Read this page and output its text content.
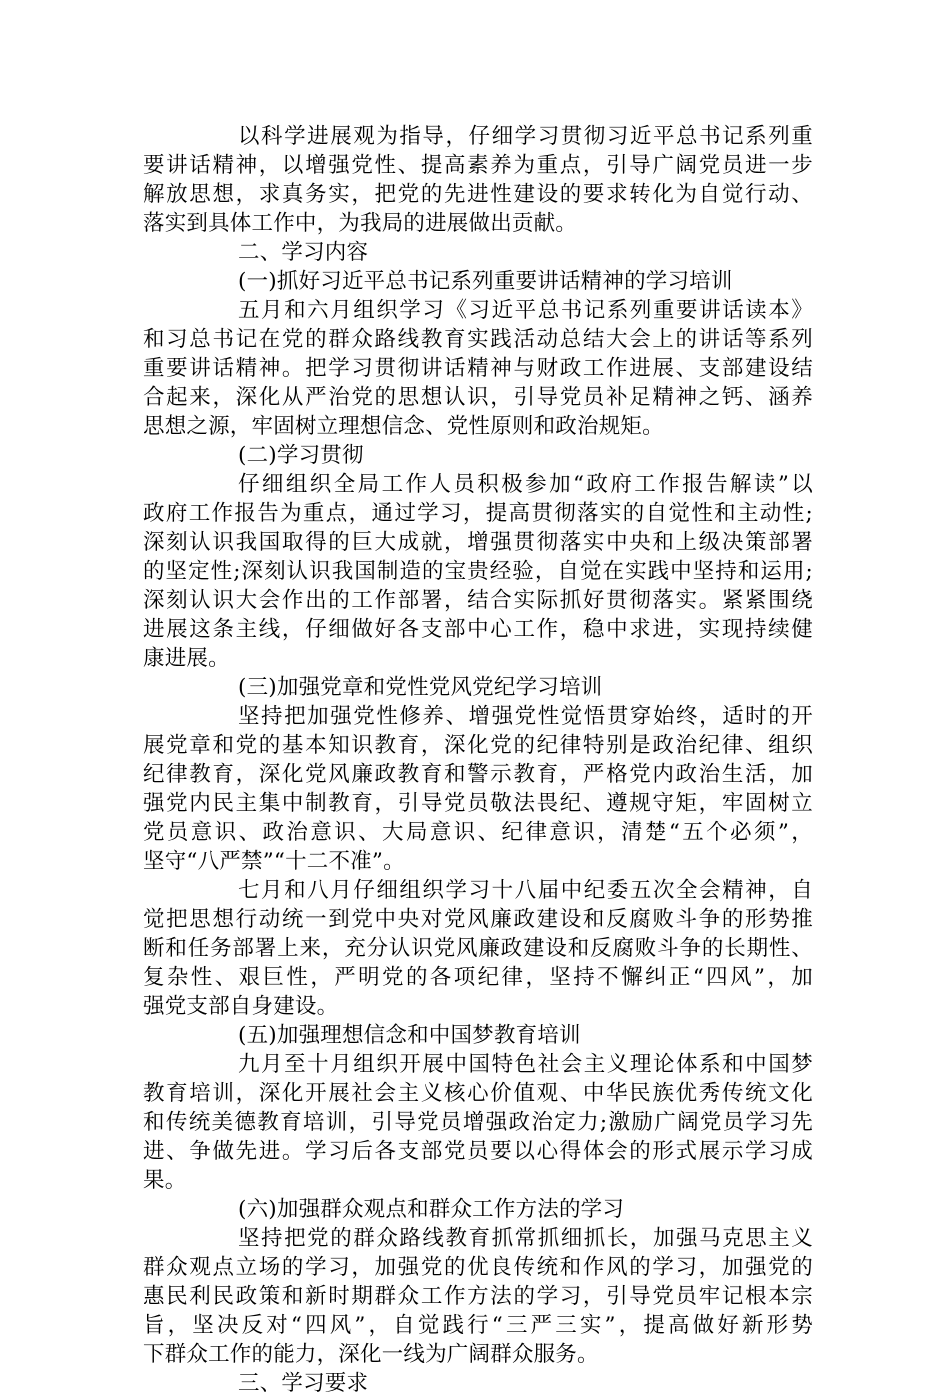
以科学进展观为指导，仔细学习贯彻习近平总书记系列重
要讲话精神，以增强党性、提高素养为重点，引导广阔党员进一步
解放思想，求真务实，把党的先进性建设的要求转化为自觉行动、
落实到具体工作中，为我局的进展做出贡献。
二、学习内容
(一)抓好习近平总书记系列重要讲话精神的学习培训
五月和六月组织学习《习近平总书记系列重要讲话读本》
和习总书记在党的群众路线教育实践活动总结大会上的讲话等系列
重要讲话精神。把学习贯彻讲话精神与财政工作进展、支部建设结
合起来，深化从严治党的思想认识，引导党员补足精神之钙、涵养
思想之源，牢固树立理想信念、党性原则和政治规矩。
(二)学习贯彻
仔细组织全局工作人员积极参加“政府工作报告解读”以
政府工作报告为重点，通过学习，提高贯彻落实的自觉性和主动性;
深刻认识我国取得的巨大成就，增强贯彻落实中央和上级决策部署
的坚定性;深刻认识我国制造的宝贵经验，自觉在实践中坚持和运用;
深刻认识大会作出的工作部署，结合实际抓好贯彻落实。紧紧围绕
进展这条主线，仔细做好各支部中心工作，稳中求进，实现持续健
康进展。
(三)加强党章和党性党风党纪学习培训
坚持把加强党性修养、增强党性觉悟贯穿始终，适时的开
展党章和党的基本知识教育，深化党的纪律特别是政治纪律、组织
纪律教育，深化党风廉政教育和警示教育，严格党内政治生活，加
强党内民主集中制教育，引导党员敬法畏纪、遵规守矩，牢固树立
党员意识、政治意识、大局意识、纪律意识，清楚“五个必须”，
坚守“八严禁”“十二不准”。
七月和八月仔细组织学习十八届中纪委五次全会精神，自
觉把思想行动统一到党中央对党风廉政建设和反腐败斗争的形势推
断和任务部署上来，充分认识党风廉政建设和反腐败斗争的长期性、
复杂性、艰巨性，严明党的各项纪律，坚持不懈纠正“四风”，加
强党支部自身建设。
(五)加强理想信念和中国梦教育培训
九月至十月组织开展中国特色社会主义理论体系和中国梦
教育培训，深化开展社会主义核心价值观、中华民族优秀传统文化
和传统美德教育培训，引导党员增强政治定力;激励广阔党员学习先
进、争做先进。学习后各支部党员要以心得体会的形式展示学习成
果。
(六)加强群众观点和群众工作方法的学习
坚持把党的群众路线教育抓常抓细抓长，加强马克思主义
群众观点立场的学习，加强党的优良传统和作风的学习，加强党的
惠民利民政策和新时期群众工作方法的学习，引导党员牢记根本宗
旨，坚决反对“四风”，自觉践行“三严三实”，提高做好新形势
下群众工作的能力，深化一线为广阔群众服务。
三、学习要求
